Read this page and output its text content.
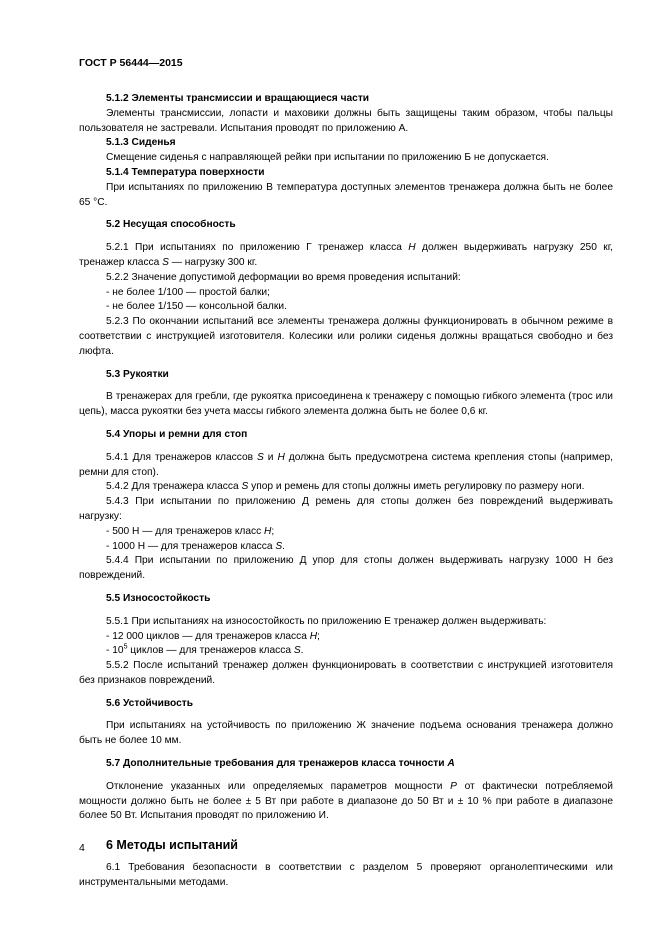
ГОСТ Р 56444—2015
5.1.2 Элементы трансмиссии и вращающиеся части
Элементы трансмиссии, лопасти и маховики должны быть защищены таким образом, чтобы пальцы пользователя не застревали. Испытания проводят по приложению А.
5.1.3 Сиденья
Смещение сиденья с направляющей рейки при испытании по приложению Б не допускается.
5.1.4 Температура поверхности
При испытаниях по приложению В температура доступных элементов тренажера должна быть не более 65 °С.
5.2 Несущая способность
5.2.1 При испытаниях по приложению Г тренажер класса H должен выдерживать нагрузку 250 кг, тренажер класса S — нагрузку 300 кг.
5.2.2 Значение допустимой деформации во время проведения испытаний:
- не более 1/100 — простой балки;
- не более 1/150 — консольной балки.
5.2.3 По окончании испытаний все элементы тренажера должны функционировать в обычном режиме в соответствии с инструкцией изготовителя. Колесики или ролики сиденья должны вращаться свободно и без люфта.
5.3 Рукоятки
В тренажерах для гребли, где рукоятка присоединена к тренажеру с помощью гибкого элемента (трос или цепь), масса рукоятки без учета массы гибкого элемента должна быть не более 0,6 кг.
5.4 Упоры и ремни для стоп
5.4.1 Для тренажеров классов S и H должна быть предусмотрена система крепления стопы (например, ремни для стоп).
5.4.2 Для тренажера класса S упор и ремень для стопы должны иметь регулировку по размеру ноги.
5.4.3 При испытании по приложению Д ремень для стопы должен без повреждений выдерживать нагрузку:
- 500 Н — для тренажеров класс H;
- 1000 Н — для тренажеров класса S.
5.4.4 При испытании по приложению Д упор для стопы должен выдерживать нагрузку 1000 Н без повреждений.
5.5 Износостойкость
5.5.1 При испытаниях на износостойкость по приложению Е тренажер должен выдерживать:
- 12 000 циклов — для тренажеров класса H;
- $10^5$ циклов — для тренажеров класса S.
5.5.2 После испытаний тренажер должен функционировать в соответствии с инструкцией изготовителя без признаков повреждений.
5.6 Устойчивость
При испытаниях на устойчивость по приложению Ж значение подъема основания тренажера должно быть не более 10 мм.
5.7 Дополнительные требования для тренажеров класса точности A
Отклонение указанных или определяемых параметров мощности P от фактически потребляемой мощности должно быть не более ± 5 Вт при работе в диапазоне до 50 Вт и ± 10 % при работе в диапазоне более 50 Вт. Испытания проводят по приложению И.
6 Методы испытаний
6.1 Требования безопасности в соответствии с разделом 5 проверяют органолептическими или инструментальными методами.
4
